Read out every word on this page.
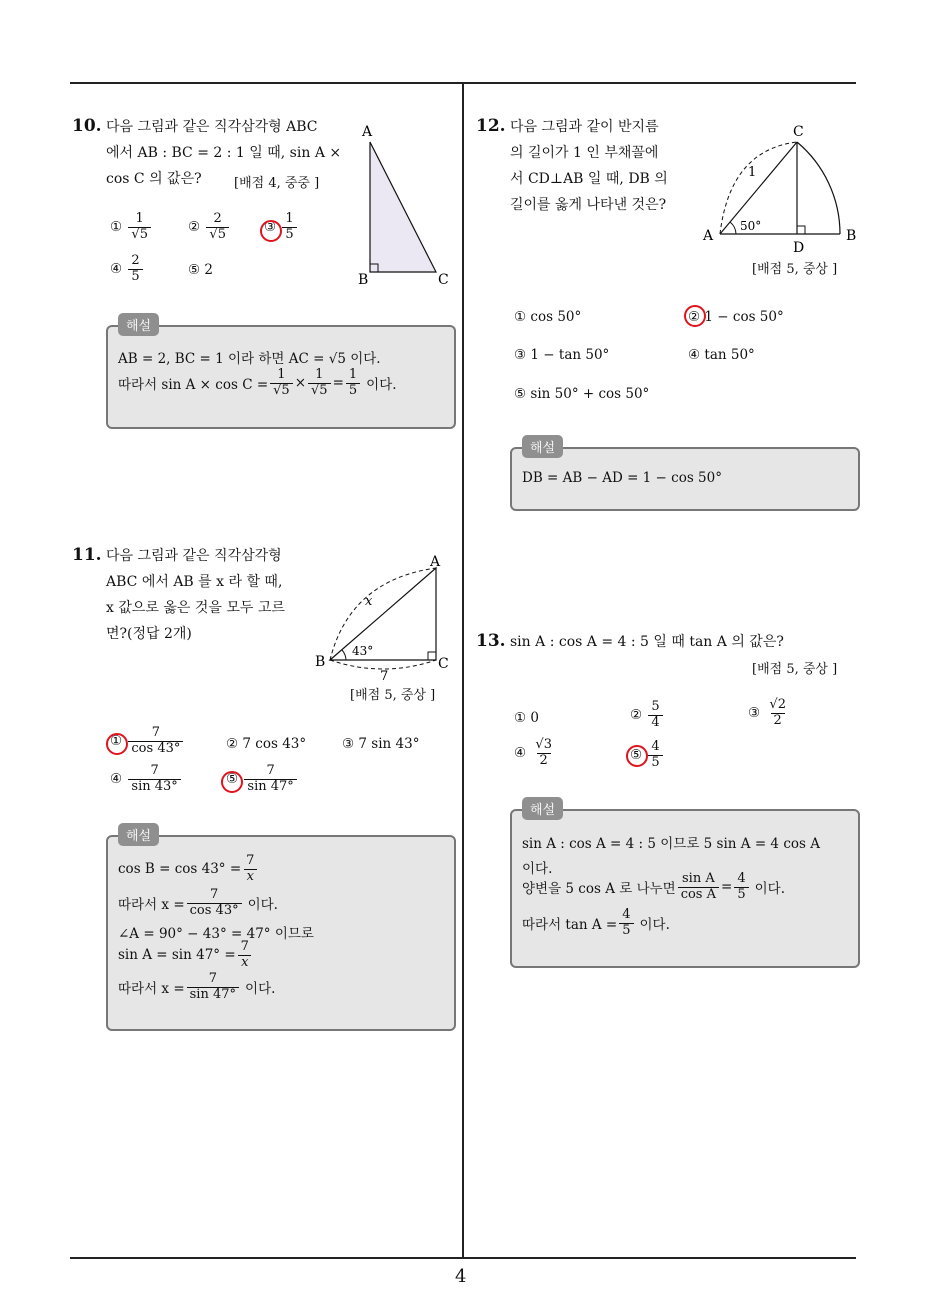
4
10. 다음 그림과 같은 직각삼각형 ABC
에서 AB : BC = 2 : 1 일 때, sin A ×
cos C 의 값은?	[배점 4, 중중 ]
A
B	C
① $\frac{1}{√5}$	② $\frac{2}{√5}$	③ $\frac{1}{5}$
④ $\frac{2}{5}$	⑤ 2
해설
AB = 2, BC = 1 이라 하면 AC = √5 이다.
따라서 $\sin A \times \cos C = \frac{1}{√5} \times \frac{1}{√5} = \frac{1}{5}$ 이다.
11. 다음 그림과 같은 직각삼각형
ABC 에서 AB 를 x 라 할 때,
x 값으로 옳은 것을 모두 고르
면?(정답 2개)
A
B	C
x
43°
7
[배점 5, 중상 ]
① $\frac{7}{\cos 43^\circ}$	② 7 cos 43°	③ 7 sin 43°
④ $\frac{7}{\sin 43^\circ}$	⑤ $\frac{7}{\sin 47^\circ}$
해설
$\cos B = \cos 43^\circ = \frac{7}{x}$
따라서 $x = \frac{7}{\cos 43^\circ}$ 이다.
∠A = 90° − 43° = 47° 이므로
$\sin A = \sin 47^\circ = \frac{7}{x}$
따라서 $x = \frac{7}{\sin 47^\circ}$ 이다.
12. 다음 그림과 같이 반지름
의 길이가 1 인 부채꼴에
서 CD⊥AB 일 때, DB 의
길이를 옳게 나타낸 것은?
A	B
C
D
1
50°
[배점 5, 중상 ]
① cos 50°	② 1 − cos 50°
③ 1 − tan 50°	④ tan 50°
⑤ sin 50° + cos 50°
해설
DB = AB − AD = 1 − cos 50°
13. sin A : cos A = 4 : 5 일 때 tan A 의 값은?
[배점 5, 중상 ]
① 0	② $\frac{5}{4}$	③ $\frac{√2}{2}$
④ $\frac{√3}{2}$	⑤ $\frac{4}{5}$
해설
sin A : cos A = 4 : 5 이므로 5 sin A = 4 cos A
이다.
양변을 5 cos A 로 나누면 $\frac{\text{sin A}}{\text{cos A}} = \frac{4}{5}$ 이다.
따라서 $\tan A = \frac{4}{5}$ 이다.
